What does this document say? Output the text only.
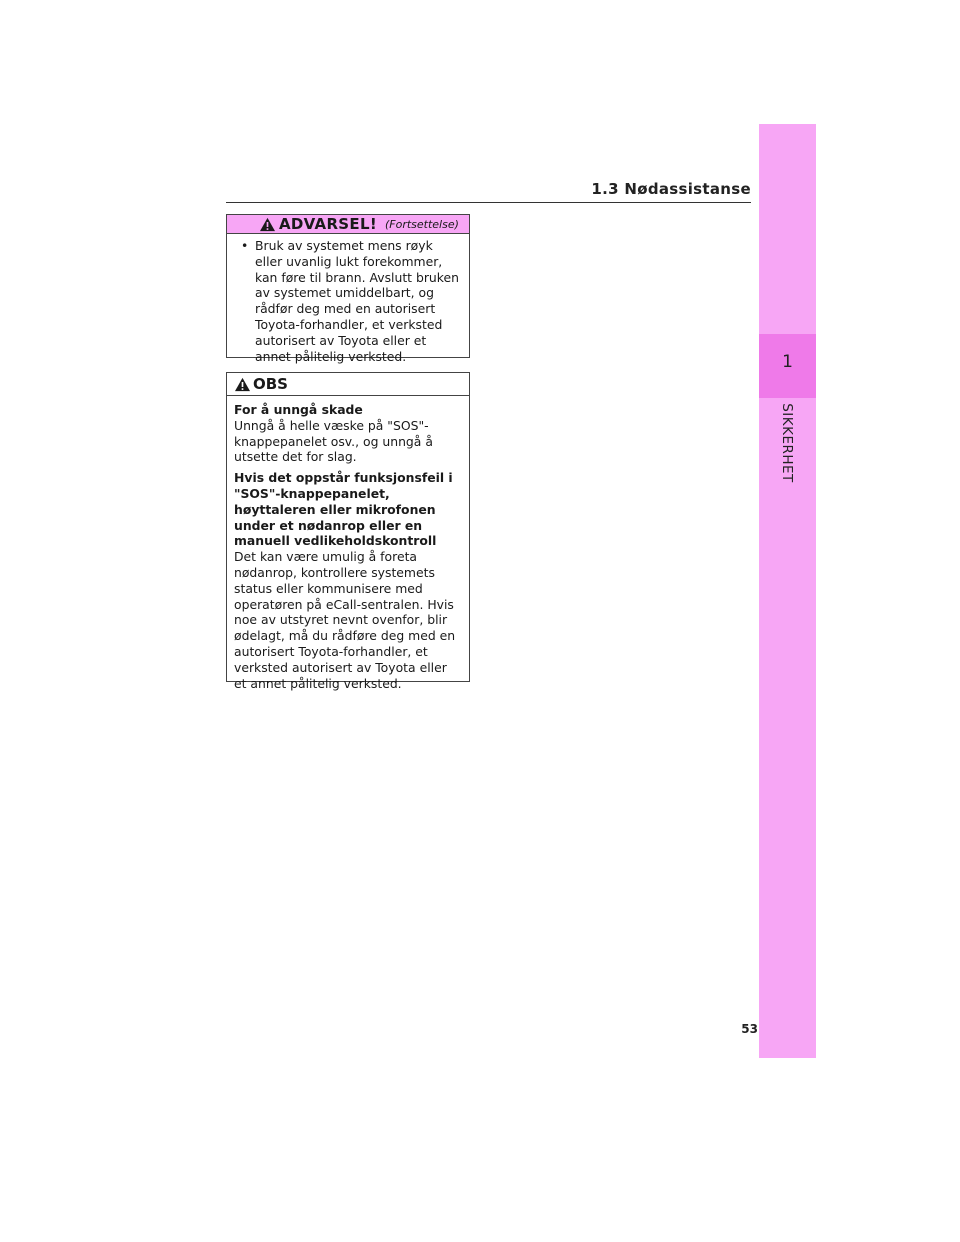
1
SIKKERHET
1.3 Nødassistanse
ADVARSEL! (Fortsettelse)
• Bruk av systemet mens røyk eller uvanlig lukt forekommer, kan føre til brann. Avslutt bruken av systemet umiddelbart, og rådfør deg med en autorisert Toyota-forhandler, et verksted autorisert av Toyota eller et annet pålitelig verksted.
OBS

For å unngå skade

Unngå å helle væske på "SOS"-knappepanelet osv., og unngå å utsette det for slag.

Hvis det oppstår funksjonsfeil i "SOS"-knappepanelet, høyttaleren eller mikrofonen under et nødanrop eller en manuell vedlikeholdskontroll

Det kan være umulig å foreta nødanrop, kontrollere systemets status eller kommunisere med operatøren på eCall-sentralen. Hvis noe av utstyret nevnt ovenfor, blir ødelagt, må du rådføre deg med en autorisert Toyota-forhandler, et verksted autorisert av Toyota eller et annet pålitelig verksted.

53
